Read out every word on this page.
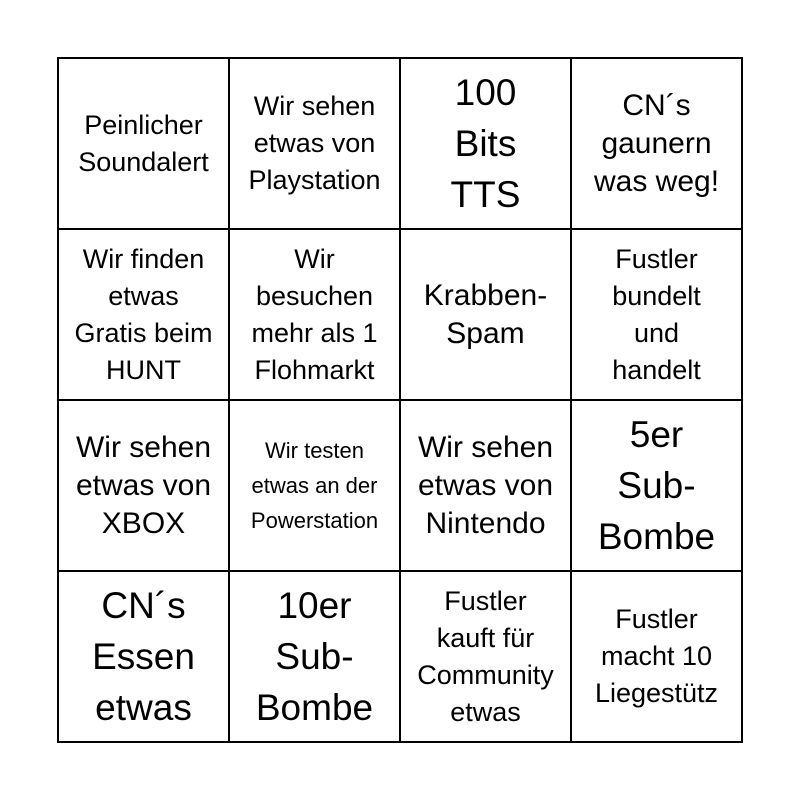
Peinlicher
Soundalert
Wir sehen
etwas von
Playstation
100
Bits
TTS
CN´s
gaunern
was weg!
Wir finden
etwas
Gratis beim
HUNT
Wir
besuchen
mehr als 1
Flohmarkt
Krabben-
Spam
Fustler
bundelt
und
handelt
Wir sehen
etwas von
XBOX
Wir testen
etwas an der
Powerstation
Wir sehen
etwas von
Nintendo
5er
Sub-
Bombe
CN´s
Essen
etwas
10er
Sub-
Bombe
Fustler
kauft für
Community
etwas
Fustler
macht 10
Liegestütz
